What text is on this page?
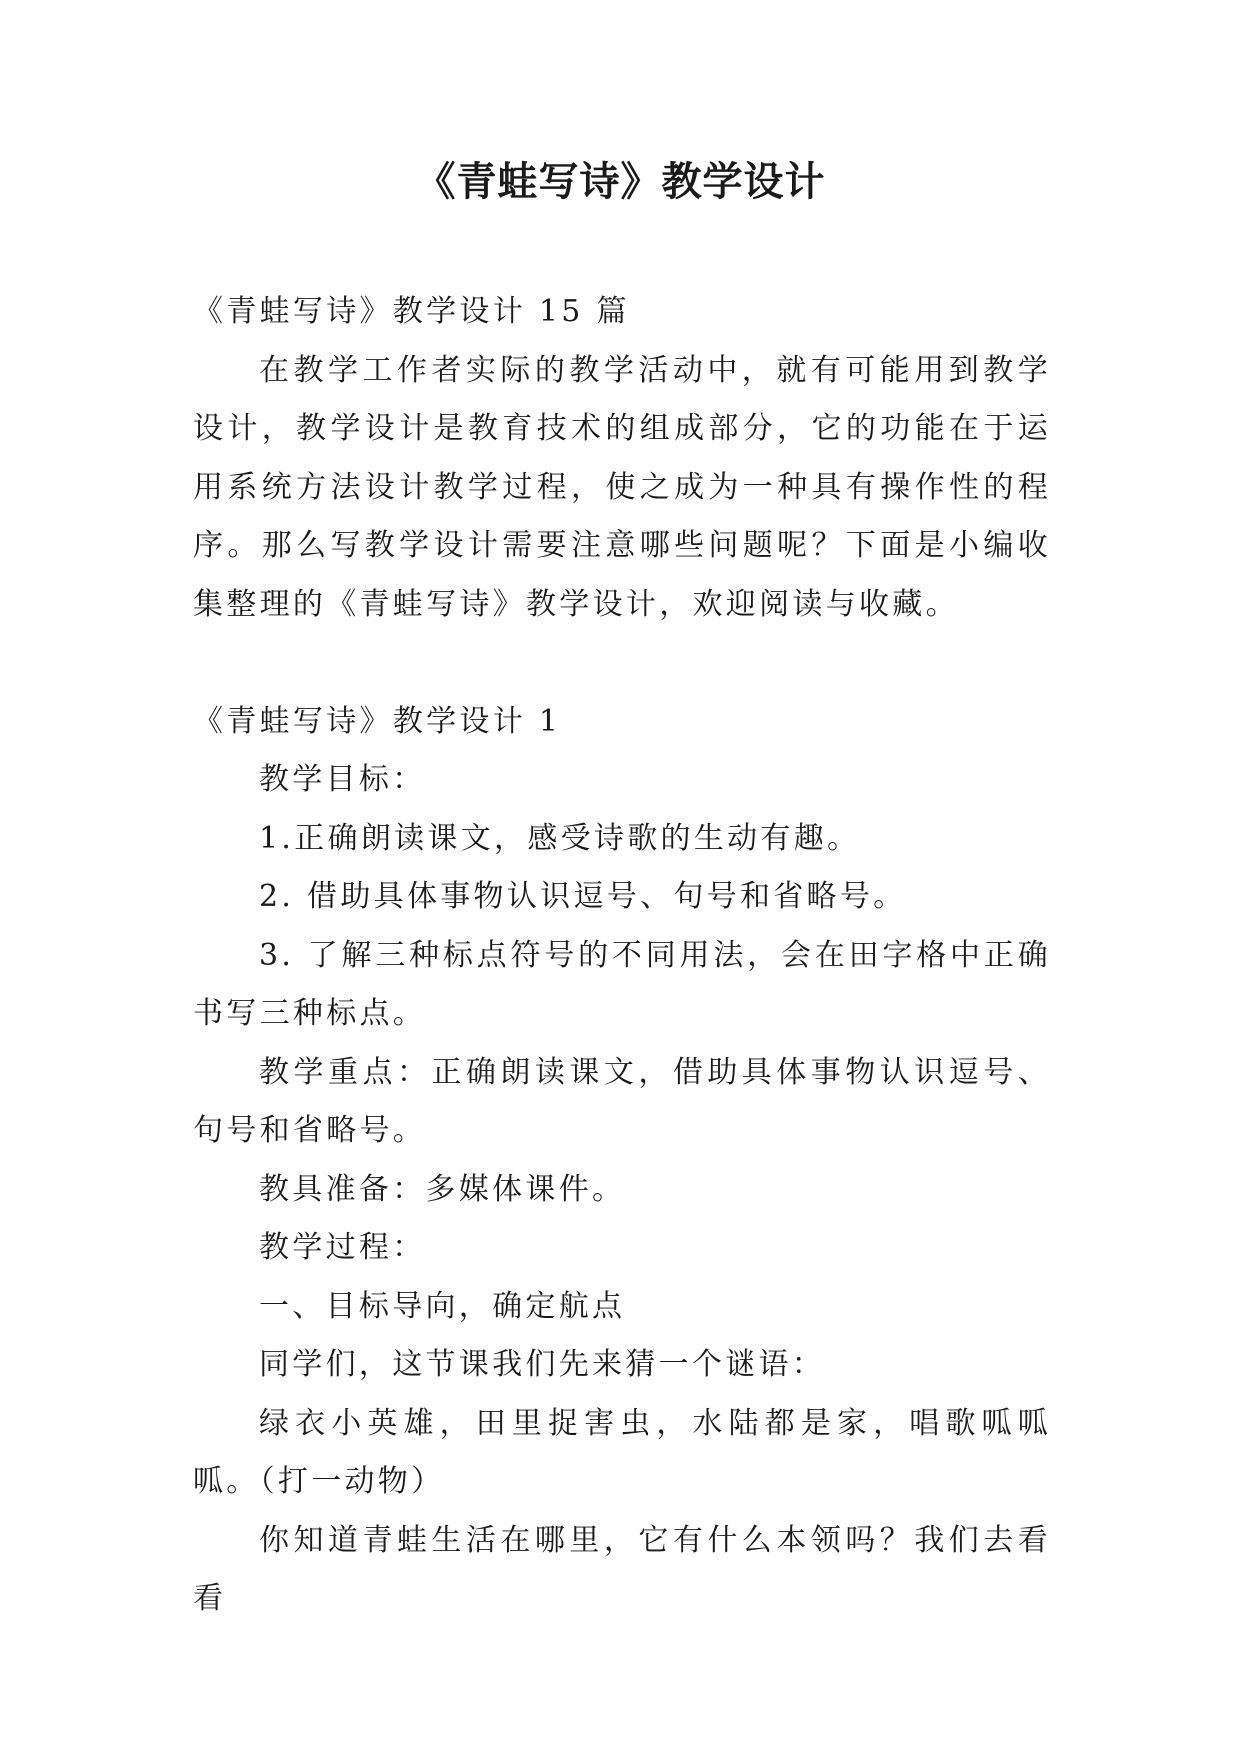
《青蛙写诗》教学设计

《青蛙写诗》教学设计 15 篇

在教学工作者实际的教学活动中，就有可能用到教学设计，教学设计是教育技术的组成部分，它的功能在于运用系统方法设计教学过程，使之成为一种具有操作性的程序。那么写教学设计需要注意哪些问题呢？下面是小编收集整理的《青蛙写诗》教学设计，欢迎阅读与收藏。

《青蛙写诗》教学设计 1

教学目标：

1.正确朗读课文，感受诗歌的生动有趣。

2. 借助具体事物认识逗号、句号和省略号。

3. 了解三种标点符号的不同用法，会在田字格中正确书写三种标点。

教学重点：正确朗读课文，借助具体事物认识逗号、句号和省略号。

教具准备：多媒体课件。

教学过程：

一、目标导向，确定航点

同学们，这节课我们先来猜一个谜语：

绿衣小英雄，田里捉害虫，水陆都是家，唱歌呱呱呱。（打一动物）

你知道青蛙生活在哪里，它有什么本领吗？我们去看看
